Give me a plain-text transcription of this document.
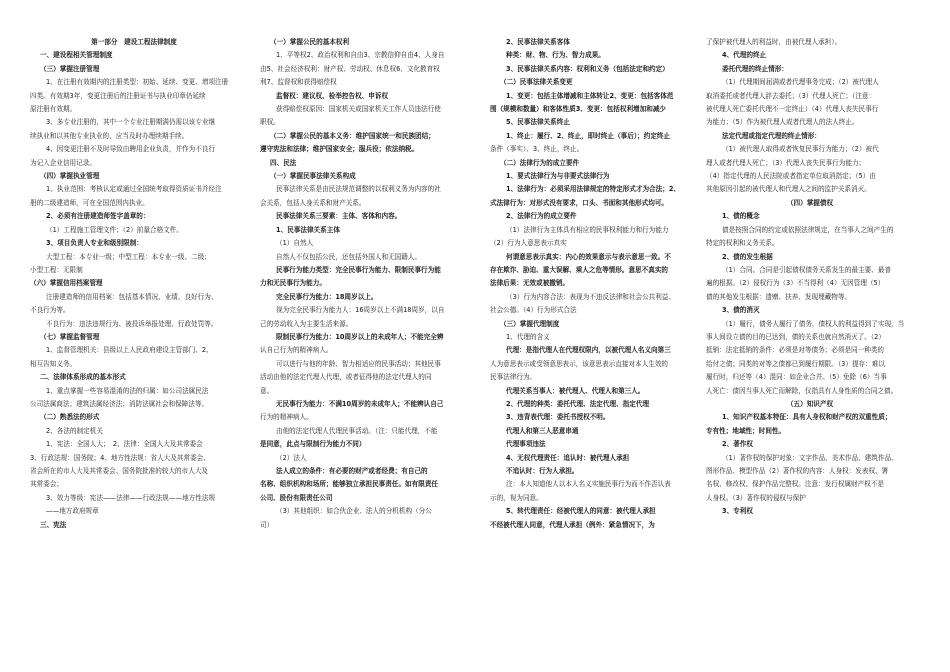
第一部分　建设工程法律制度
一、建设程相关管理制度
（三）掌握注册管理
1、在注册有效期内的注册类型：初始、延续、变更、增项注册
四类。有效期3年，变更注册后的注册证书与执业印章仍延续
原注册有效期。
3、多专业注册的，其中一个专业注册期满仍需以该专业继
续执业和以其他专业执业的，应当及时办理续期手续。
4、因变更注册不及时导致由聘用企业负责，并作为不良行
为记入企业信用记录。
（四）掌握执业管理
1、执业范围：考核认定或通过全国统考取得资质证书并经注
册的二级建造师，可在全国范围内执业。
2、必须有注册建造师签字盖章的：
（1）工程施工管理文件；（2）前量合格文件。
3、项目负责人专业和级别限制：
大型工程：本专业一级；中型工程：本专业一级、二级；
小型工程：无限制
（六）掌握信用档案管理
注册建造师的信用档案：包括基本情况、业绩、良好行为、
不良行为等。
不良行为：违法违规行为、被投诉举报处理、行政处罚等。
（七）掌握监督管理
1、监督管理机关：县级以上人民政府建设主管部门、2、
相互告知义务。
二、法律体系形成的基本形式
1、重点掌握一些容易混淆的法的归属：如公司法属民法
公司法属商法；建筑法属经济法；消防法属社会和保障法等。
（二）熟悉法的形式
2、各法的制定机关
1、宪法：全国人大；　2、法律：全国人大及其常委会
3、行政法规：国务院；4、地方性法规：省人大及其常委会、
省会所在的市人大及其常委会、国务院批准的较大的市人大及
其常委会；
3、效力等级：宪法——法律——行政法规——地方性法规
——地方政府规章
三、宪法
（一）掌握公民的基本权利
1、平等权2、政治权利和自由3、宗教信仰自由4、人身自
由5、社会经济权利：财产权、劳动权、休息权6、文化教育权
利7、监督权和获得赔偿权
监督权：建议权、检举控告权、申诉权
获得赔偿权原因：国家机关或国家机关工作人员违法行使
职权。
（二）掌握公民的基本义务：维护国家统一和民族团结；
遵守宪法和法律；维护国家安全；服兵役；依法纳税。
四、民法
（一）掌握民事法律关系构成
民事法律关系是由民法规范调整的以权利义务为内容的社
会关系，包括人身关系和财产关系。
民事法律关系三要素：主体、客体和内容。
1、民事法律关系主体
（1）自然人
自然人不仅包括公民，还包括外国人和无国籍人。
民事行为能力类型：完全民事行为能力、限制民事行为能
力和无民事行为能力。
完全民事行为能力：18周岁以上。
视为完全民事行为能力人：16周岁以上不满18周岁，以自
己的劳动收入为主要生活来源。
限制民事行为能力：10周岁以上的未成年人；不能完全辨
认自己行为的精神病人。
可以进行与他的年龄、智力相适应的民事活动；其他民事
活动由他的法定代理人代理，或者征得他的法定代理人的同
意。
无民事行为能力：不满10周岁的未成年人；不能辨认自己
行为的精神病人。
由他的法定代理人代理民事活动。（注：只能代理，不能
是同意，此点与限制行为能力不同）
（2）法人
法人成立的条件：有必要的财产或者经费；有自己的
名称、组织机构和场所；能够独立承担民事责任。如有限责任
公司、股份有限责任公司
（3）其他组织：如合伙企业、法人的分机机构（分公
司）
2、民事法律关系客体
种类：财、物、行为、智力成果。
3、民事法律关系内容：权利和义务（包括法定和约定）
（二）民事法律关系变更
1、变更：包括主体增减和主体转让2、变更：包括客体范
围（规模和数量）和客体性质3、变更：包括权利增加和减少
5、民事法律关系终止
1、终止：履行、2、终止，即时终止（事后）；约定终止
条件（事实）、3、终止，终止。
（二）法律行为的成立要件
1、要式法律行为与非要式法律行为
1、法律行为：必须采用法律规定的特定形式才为合法；2、
式法律行为：对形式没有要求，口头、书面和其他形式均可。
2、法律行为的成立要件
（1）法律行为主体具有相应的民事权利能力和行为能力
（2）行为人意思表示真实
何谓意思表示真实：内心的效果意示与表示意思一致。不
存在欺诈、胁迫、重大误解、乘人之危等情形。意思不真实的
法律后果：无效或被撤销。
（3）行为内容合法：表现为不违反法律和社会公共利益、
社会公德。（4）行为形式合法
（三）掌握代理制度
1、代理的含义
代理：是指代理人在代理权限内，以被代理人名义向第三
人为意思表示或受领意思表示，该意思表示直接对本人生效的
民事法律行为。
代理关系当事人：被代理人、代理人和第三人。
2、代理的种类：委托代理、法定代理、指定代理
3、违背表代理：委托书授权不明。
代理人和第三人恶意串通
代理事项违法
4、无权代理责任：追认时：被代理人承担
不追认时：行为人承担。
注：本人知道他人以本人名义实施民事行为而不作否认表
示的，视为同意。
5、转代理责任：经被代理人的同意：被代理人承担
不经被代理人同意，代理人承担（例外：紧急情况下，为
了保护被代理人的利益时，由被代理人承担）。
4、代理的终止
委托代理的终止情形：
（1）代理期间届满或者代理事务完成；（2）被代理人
取消委托或者代理人辞去委托；（3）代理人死亡；（注意：
被代理人死亡委托代理不一定终止）（4）代理人丧失民事行
为能力；（5）作为被代理人或者代理人的法人终止。
法定代理或指定代理的终止情形：
（1）被代理人取得或者恢复民事行为能力；（2）被代
理人或者代理人死亡；（3）代理人丧失民事行为能力；
（4）指定代理的人民法院或者指定单位取消指定；（5）由
其他原因引起的被代理人和代理人之间的监护关系消灭。
（四）掌握债权
1、债的概念
债是按照合同的约定或依照法律规定，在当事人之间产生的
特定的权利和义务关系。
2、债的发生根据
（1）合同。合同是引起债权债务关系发生的最主要、最普
遍的根据。（2）侵权行为（3）不当得利（4）无因管理（5）
债的其他发生根据：遗赠、扶养、发现埋藏物等。
3、债的消灭
（1）履行，债务人履行了债务，债权人的利益得到了实现，当
事人间设立债的目的已达到，债的关系也就自然消灭了。（2）
抵销：法定抵销的条件：必须是对等债务；必须是同一种类的
给付之债；同类的对等之债都已到履行期限。（3）提存：难以
履行时，归还等（4）混同：如企业合并。（5）免除（6）当事
人死亡：债因当事人死亡而解除，仅指具有人身性质的合同之债。
（五）知识产权
1、知识产权基本特征：具有人身权和财产权的双重性质；
专有性；地域性；时间性。
2、著作权
（1）著作权的保护对象：文字作品、美术作品、建筑作品、
图形作品、模型作品（2）著作权的内容：人身权：发表权、署
名权、修改权、保护作品完整权。注意：发行权属财产权不是
人身权。（3）著作权的侵权与保护
3、专利权
